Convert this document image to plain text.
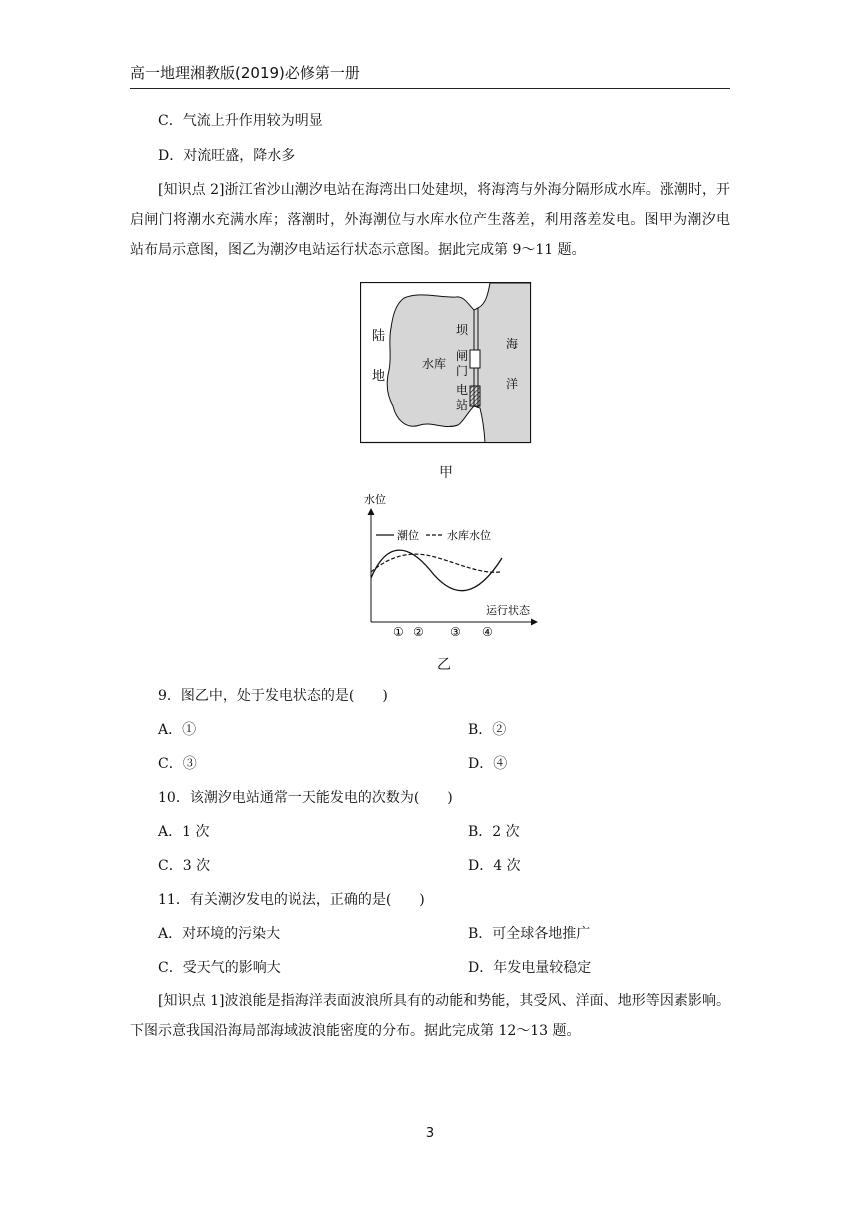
高一地理湘教版(2019)必修第一册
C．气流上升作用较为明显
D．对流旺盛，降水多
[知识点 2]浙江省沙山潮汐电站在海湾出口处建坝，将海湾与外海分隔形成水库。涨潮时，开启闸门将潮水充满水库；落潮时，外海潮位与水库水位产生落差，利用落差发电。图甲为潮汐电站布局示意图，图乙为潮汐电站运行状态示意图。据此完成第 9～11 题。
陆
地
水库
坝
闸
门
电
站
海
洋
甲
水位
运行状态
潮位	水库水位
① ② ③ ④
乙
9．图乙中，处于发电状态的是(　　)
A．①	B．②
C．③	D．④
10．该潮汐电站通常一天能发电的次数为(　　)
A．1 次	B．2 次
C．3 次	D．4 次
11．有关潮汐发电的说法，正确的是(　　)
A．对环境的污染大	B．可全球各地推广
C．受天气的影响大	D．年发电量较稳定
[知识点 1]波浪能是指海洋表面波浪所具有的动能和势能，其受风、洋面、地形等因素影响。下图示意我国沿海局部海域波浪能密度的分布。据此完成第 12～13 题。
3
